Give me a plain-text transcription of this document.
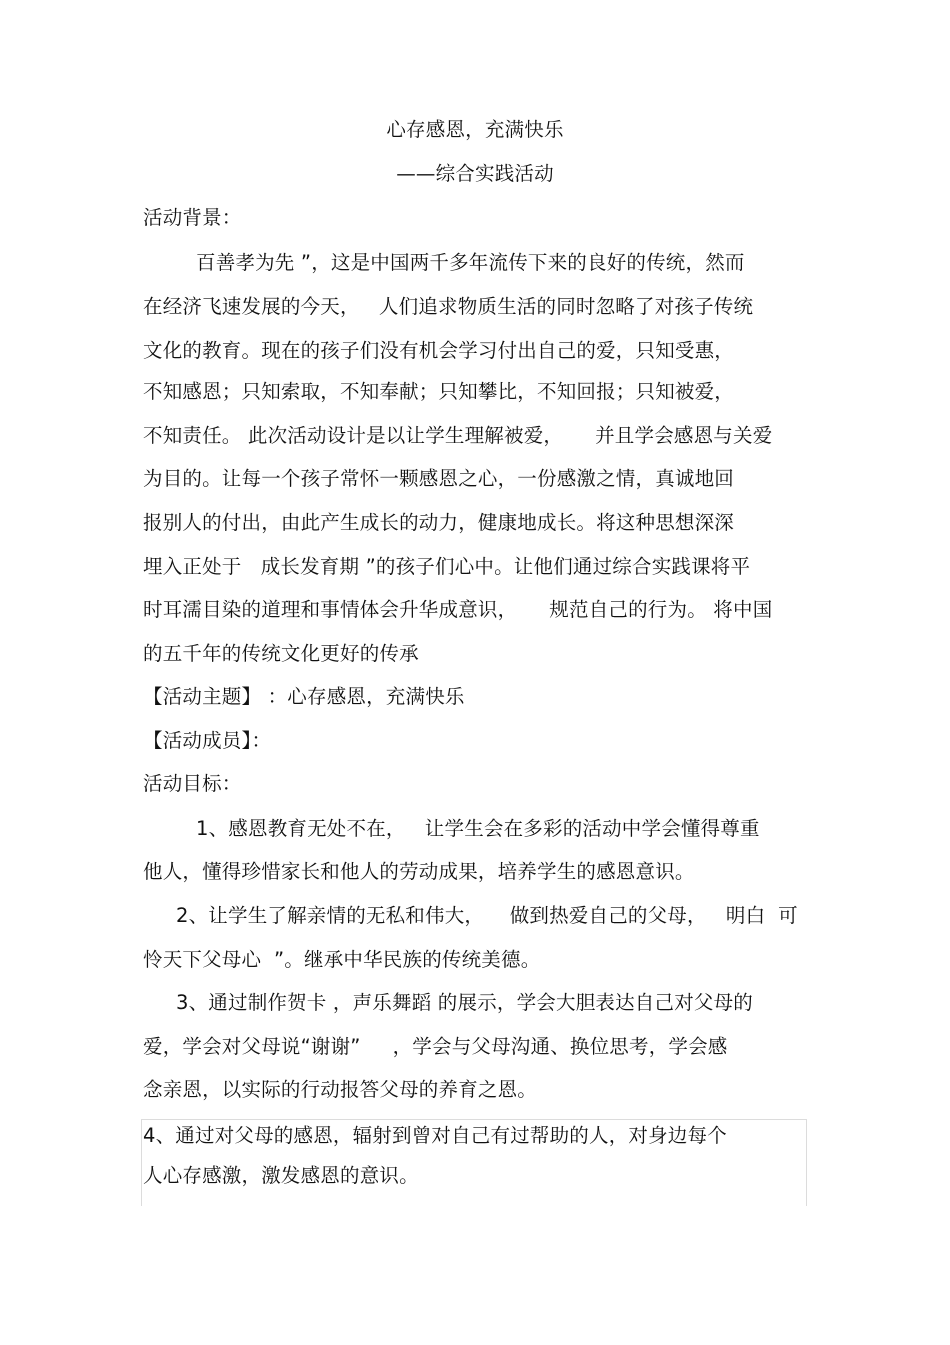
心存感恩，充满快乐
——综合实践活动
活动背景：
百善孝为先 ”，这是中国两千多年流传下来的良好的传统，然而
在经济飞速发展的今天，   人们追求物质生活的同时忽略了对孩子传统
文化的教育。现在的孩子们没有机会学习付出自己的爱，只知受惠，
不知感恩；只知索取，不知奉献；只知攀比，不知回报；只知被爱，
不知责任。 此次活动设计是以让学生理解被爱，     并且学会感恩与关爱
为目的。让每一个孩子常怀一颗感恩之心，一份感激之情，真诚地回
报别人的付出，由此产生成长的动力，健康地成长。将这种思想深深
埋入正处于   成长发育期 ”的孩子们心中。让他们通过综合实践课将平
时耳濡目染的道理和事情体会升华成意识，     规范自己的行为。 将中国
的五千年的传统文化更好的传承
【活动主题】 ：心存感恩，充满快乐
【活动成员】：
活动目标：
1、感恩教育无处不在，   让学生会在多彩的活动中学会懂得尊重
他人，懂得珍惜家长和他人的劳动成果，培养学生的感恩意识。
2、让学生了解亲情的无私和伟大，    做到热爱自己的父母，   明白  可
怜天下父母心  ”。继承中华民族的传统美德。
3、通过制作贺卡 ，声乐舞蹈 的展示，学会大胆表达自己对父母的
爱，学会对父母说“谢谢”     ，学会与父母沟通、换位思考，学会感
念亲恩，以实际的行动报答父母的养育之恩。
4、通过对父母的感恩，辐射到曾对自己有过帮助的人，对身边每个
人心存感激，激发感恩的意识。
